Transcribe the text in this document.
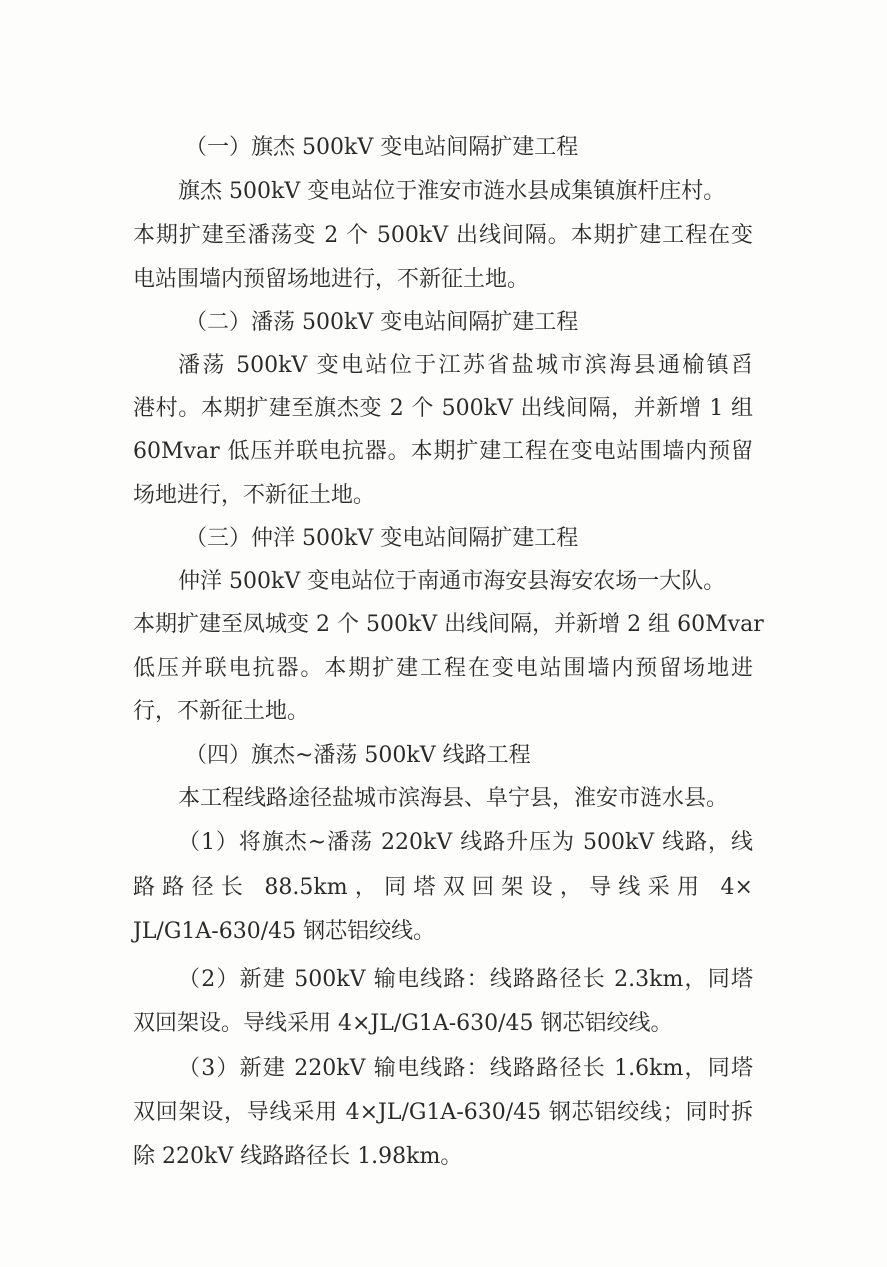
（一）旗杰 500kV 变电站间隔扩建工程
旗杰 500kV 变电站位于淮安市涟水县成集镇旗杆庄村。
本期扩建至潘荡变 2 个 500kV 出线间隔。本期扩建工程在变
电站围墙内预留场地进行，不新征土地。
（二）潘荡 500kV 变电站间隔扩建工程
潘荡 500kV 变电站位于江苏省盐城市滨海县通榆镇舀
港村。本期扩建至旗杰变 2 个 500kV 出线间隔，并新增 1 组
60Mvar 低压并联电抗器。本期扩建工程在变电站围墙内预留
场地进行，不新征土地。
（三）仲洋 500kV 变电站间隔扩建工程
仲洋 500kV 变电站位于南通市海安县海安农场一大队。
本期扩建至凤城变 2 个 500kV 出线间隔，并新增 2 组 60Mvar
低压并联电抗器。本期扩建工程在变电站围墙内预留场地进
行，不新征土地。
（四）旗杰~潘荡 500kV 线路工程
本工程线路途径盐城市滨海县、阜宁县，淮安市涟水县。
（1）将旗杰~潘荡 220kV 线路升压为 500kV 线路，线
路路径长 88.5km，同塔双回架设，导线采用 4×
JL/G1A-630/45 钢芯铝绞线。
（2）新建 500kV 输电线路：线路路径长 2.3km，同塔
双回架设。导线采用 4×JL/G1A-630/45 钢芯铝绞线。
（3）新建 220kV 输电线路：线路路径长 1.6km，同塔
双回架设，导线采用 4×JL/G1A-630/45 钢芯铝绞线；同时拆
除 220kV 线路路径长 1.98km。
